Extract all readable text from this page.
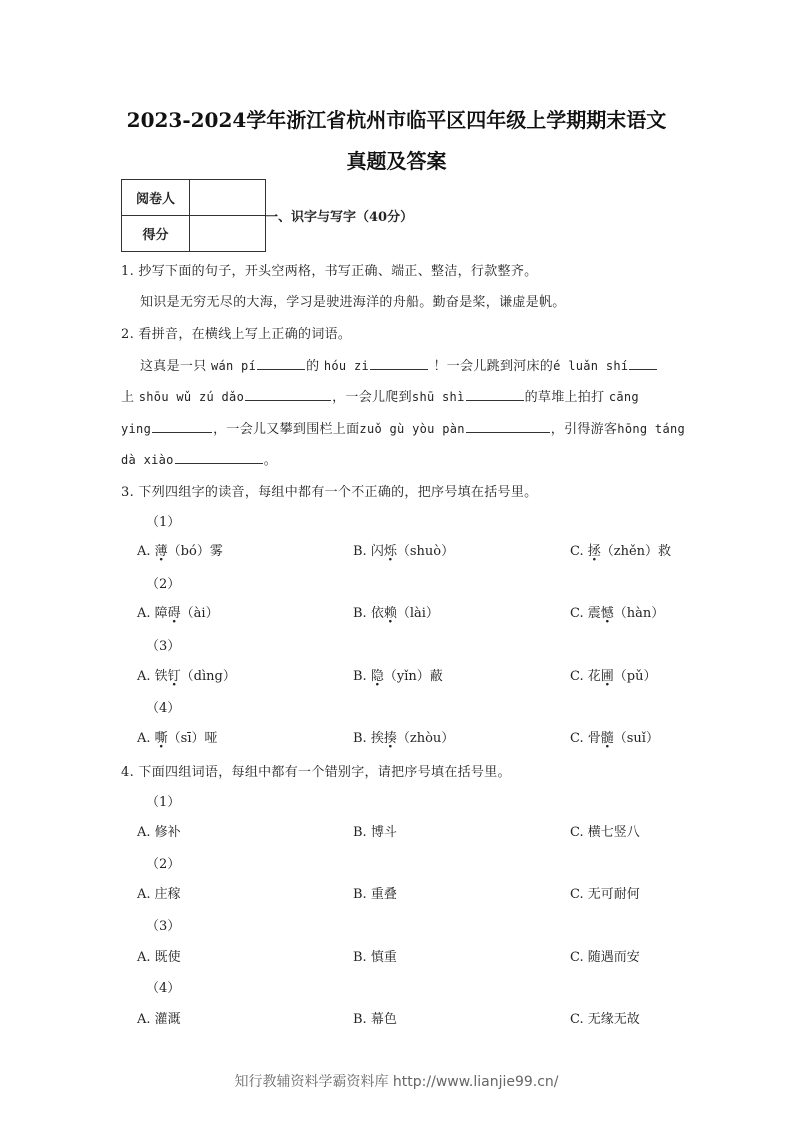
2023-2024学年浙江省杭州市临平区四年级上学期期末语文
真题及答案
阅卷人	
得分	
一、识字与写字（40分）
1. 抄写下面的句子，开头空两格，书写正确、端正、整洁，行款整齐。
知识是无穷无尽的大海，学习是驶进海洋的舟船。勤奋是桨，谦虚是帆。
2. 看拼音，在横线上写上正确的词语。
这真是一只 wán pí	的 hóu zi	！一会儿跳到河床的é luǎn shí
上 shōu wǔ zú dǎo	，一会儿爬到shū shì	的草堆上拍打 cāng
ying	，一会儿又攀到围栏上面zuǒ gù yòu pàn	，引得游客hōng táng
dà xiào	。
3. 下列四组字的读音，每组中都有一个不正确的，把序号填在括号里。
（1）
A. 薄（bó）雾	B. 闪烁（shuò）	C. 拯（zhěn）救
（2）
A. 障碍（ài）	B. 依赖（lài）	C. 震憾（hàn）
（3）
A. 铁钉（dìng）	B. 隐（yǐn）蔽	C. 花圃（pǔ）
（4）
A. 嘶（sī）哑	B. 挨揍（zhòu）	C. 骨髓（suǐ）
4. 下面四组词语，每组中都有一个错别字，请把序号填在括号里。
（1）
A. 修补	B. 博斗	C. 横七竖八
（2）
A. 庄稼	B. 重叠	C. 无可耐何
（3）
A. 既使	B. 慎重	C. 随遇而安
（4）
A. 灌溉	B. 幕色	C. 无缘无故
知行教辅资料学霸资料库 http://www.lianjie99.cn/
